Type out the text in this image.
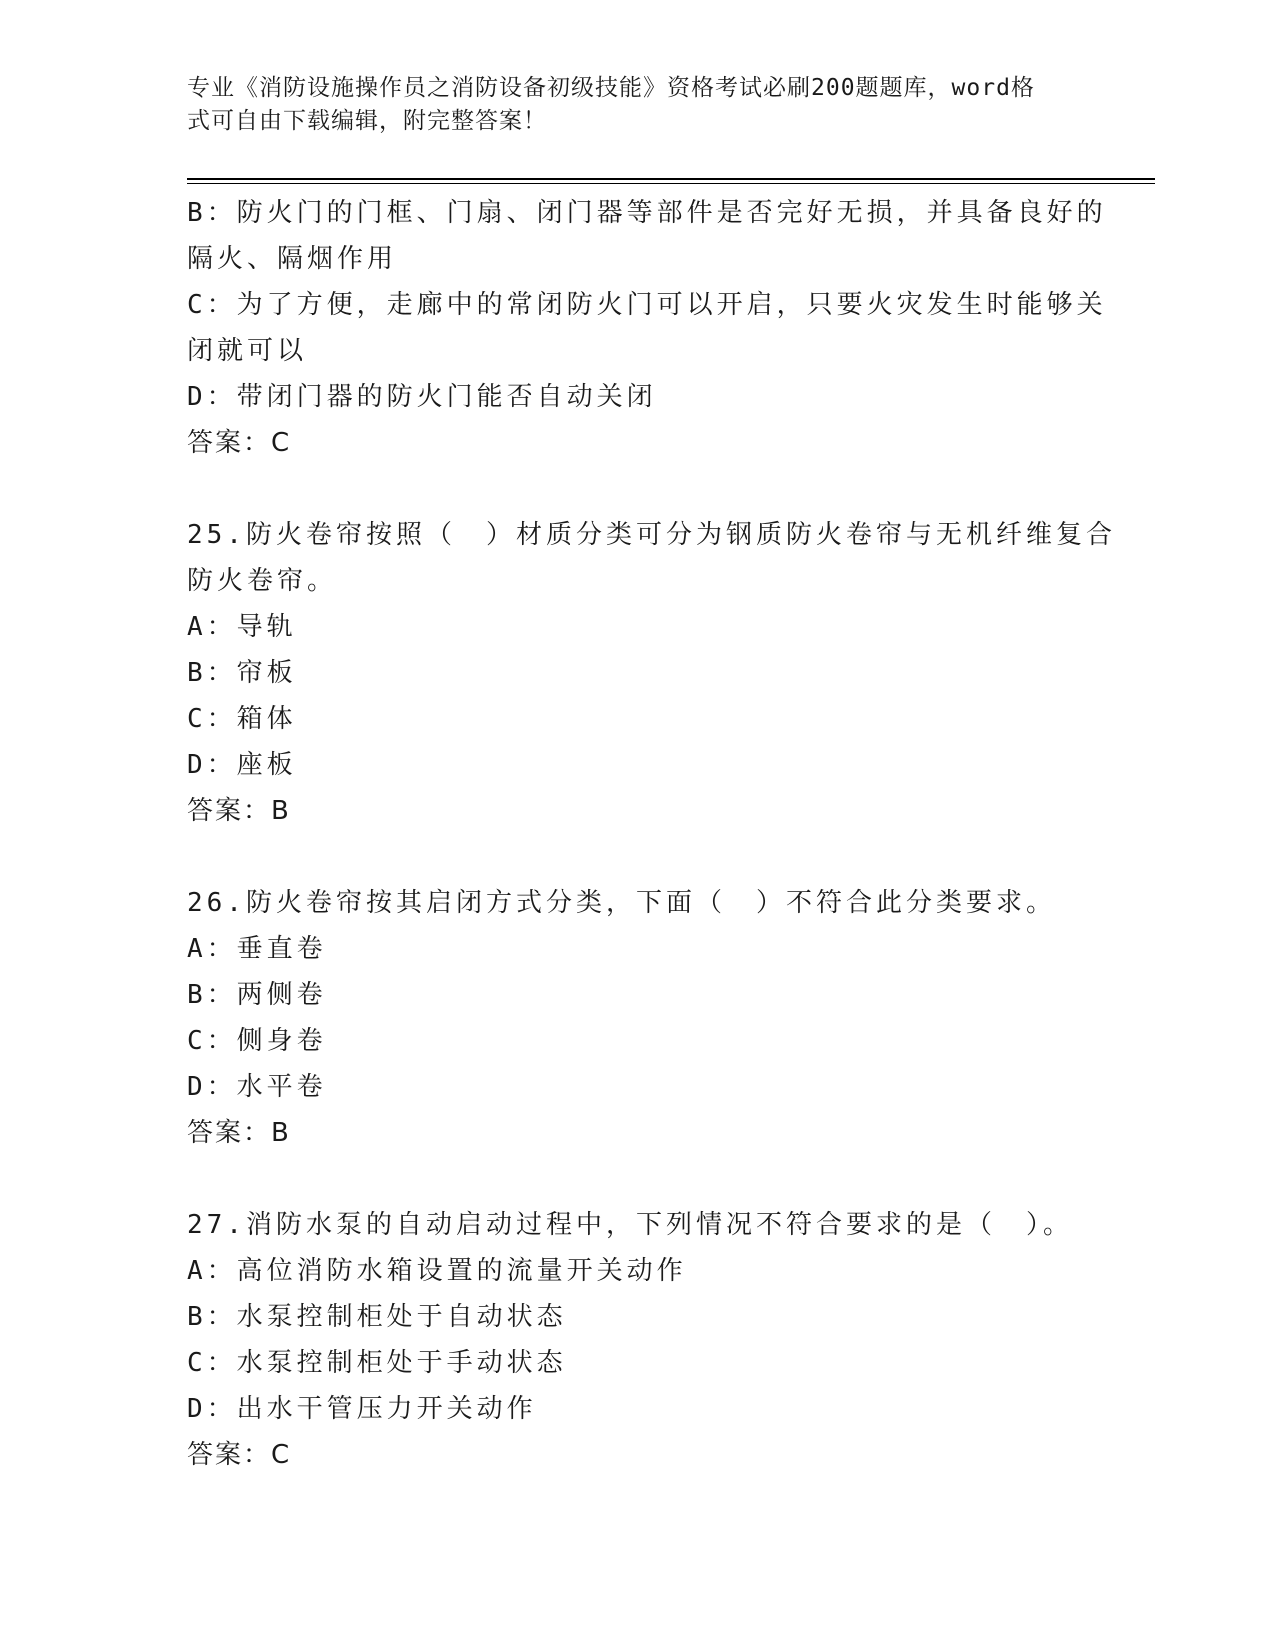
专业《消防设施操作员之消防设备初级技能》资格考试必刷200题题库，word格
式可自由下载编辑，附完整答案！
B：防火门的门框、门扇、闭门器等部件是否完好无损，并具备良好的
隔火、隔烟作用
C：为了方便，走廊中的常闭防火门可以开启，只要火灾发生时能够关
闭就可以
D：带闭门器的防火门能否自动关闭
答案：C
25.防火卷帘按照（　）材质分类可分为钢质防火卷帘与无机纤维复合
防火卷帘。
A：导轨
B：帘板
C：箱体
D：座板
答案：B
26.防火卷帘按其启闭方式分类，下面（　）不符合此分类要求。
A：垂直卷
B：两侧卷
C：侧身卷
D：水平卷
答案：B
27.消防水泵的自动启动过程中，下列情况不符合要求的是（　）。
A：高位消防水箱设置的流量开关动作
B：水泵控制柜处于自动状态
C：水泵控制柜处于手动状态
D：出水干管压力开关动作
答案：C
